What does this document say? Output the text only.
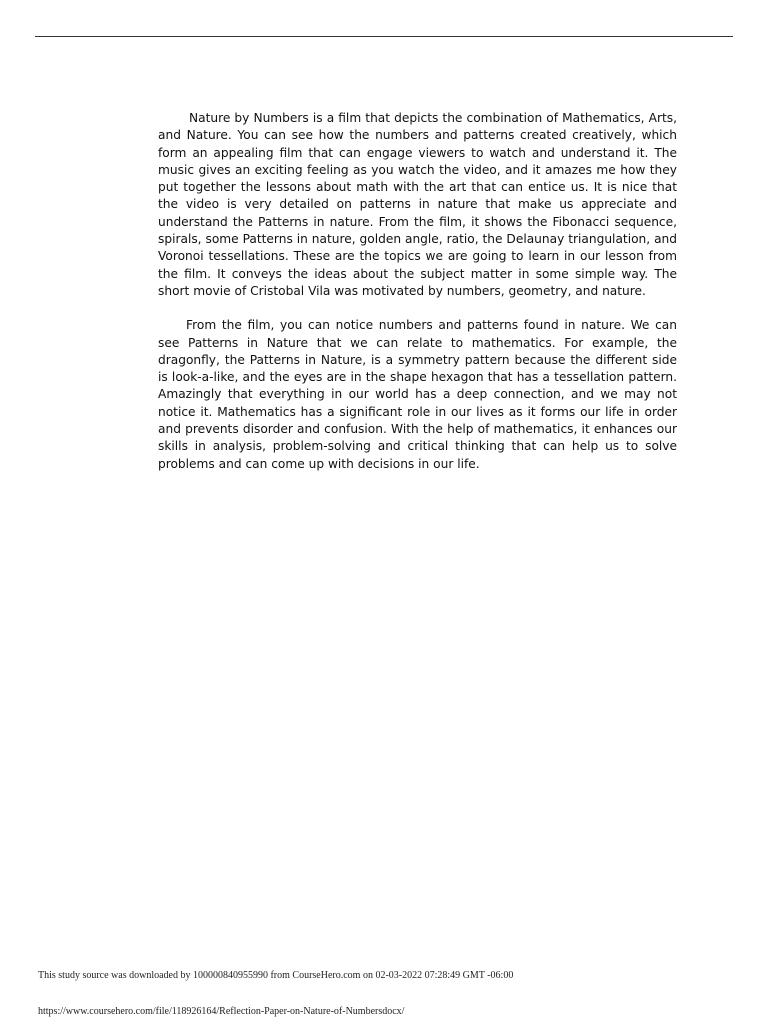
Nature by Numbers is a film that depicts the combination of Mathematics, Arts, and Nature. You can see how the numbers and patterns created creatively, which form an appealing film that can engage viewers to watch and understand it. The music gives an exciting feeling as you watch the video, and it amazes me how they put together the lessons about math with the art that can entice us. It is nice that the video is very detailed on patterns in nature that make us appreciate and understand the Patterns in nature. From the film, it shows the Fibonacci sequence, spirals, some Patterns in nature, golden angle, ratio, the Delaunay triangulation, and Voronoi tessellations. These are the topics we are going to learn in our lesson from the film. It conveys the ideas about the subject matter in some simple way. The short movie of Cristobal Vila was motivated by numbers, geometry, and nature.

From the film, you can notice numbers and patterns found in nature. We can see Patterns in Nature that we can relate to mathematics. For example, the dragonfly, the Patterns in Nature, is a symmetry pattern because the different side is look-a-like, and the eyes are in the shape hexagon that has a tessellation pattern. Amazingly that everything in our world has a deep connection, and we may not notice it. Mathematics has a significant role in our lives as it forms our life in order and prevents disorder and confusion. With the help of mathematics, it enhances our skills in analysis, problem-solving and critical thinking that can help us to solve problems and can come up with decisions in our life.

This study source was downloaded by 100000840955990 from CourseHero.com on 02-03-2022 07:28:49 GMT -06:00
https://www.coursehero.com/file/118926164/Reflection-Paper-on-Nature-of-Numbersdocx/
